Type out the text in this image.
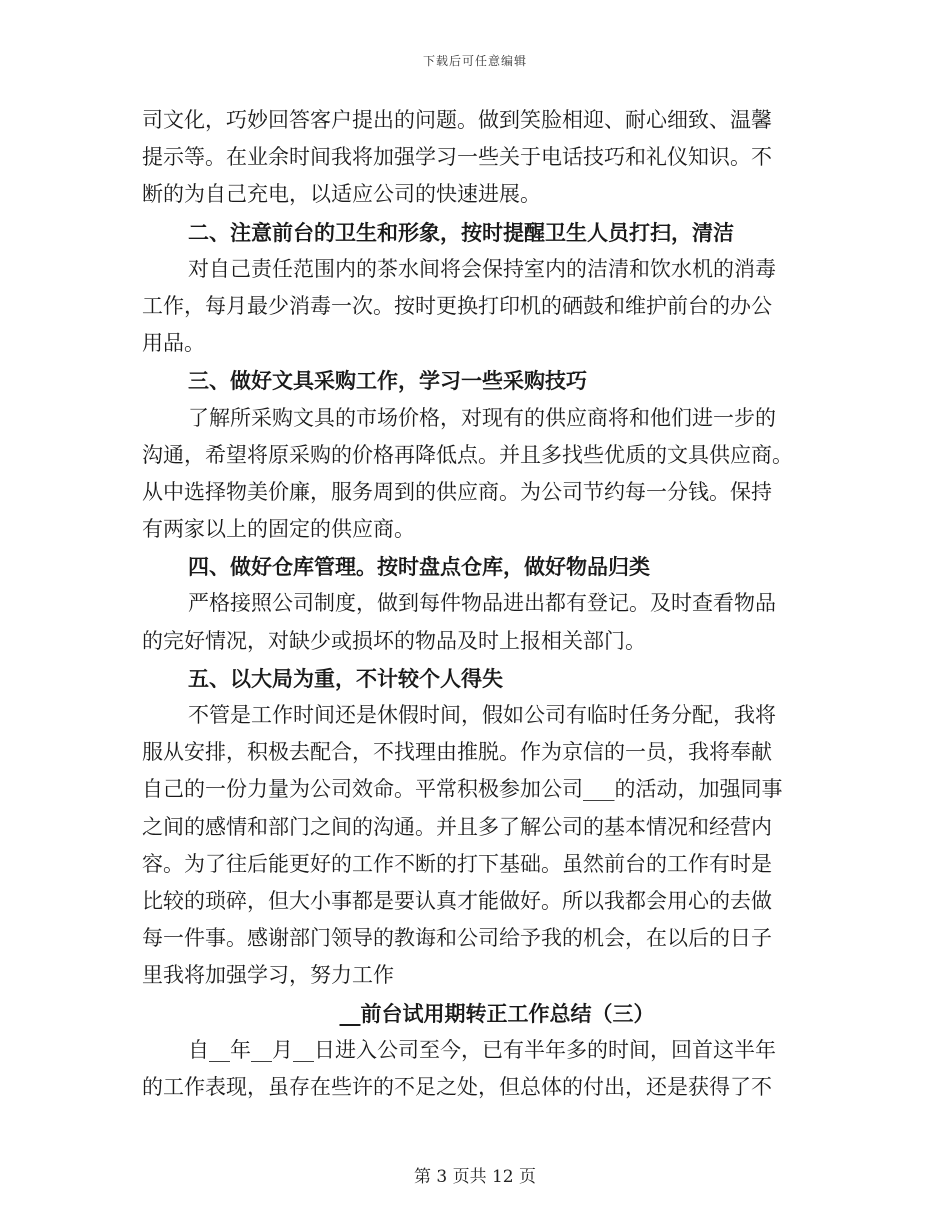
下载后可任意编辑
司文化，巧妙回答客户提出的问题。做到笑脸相迎、耐心细致、温馨
提示等。在业余时间我将加强学习一些关于电话技巧和礼仪知识。不
断的为自己充电，以适应公司的快速进展。
二、注意前台的卫生和形象，按时提醒卫生人员打扫，清洁
对自己责任范围内的茶水间将会保持室内的洁清和饮水机的消毒
工作，每月最少消毒一次。按时更换打印机的硒鼓和维护前台的办公
用品。
三、做好文具采购工作，学习一些采购技巧
了解所采购文具的市场价格，对现有的供应商将和他们进一步的
沟通，希望将原采购的价格再降低点。并且多找些优质的文具供应商。
从中选择物美价廉，服务周到的供应商。为公司节约每一分钱。保持
有两家以上的固定的供应商。
四、做好仓库管理。按时盘点仓库，做好物品归类
严格接照公司制度，做到每件物品进出都有登记。及时查看物品
的完好情况，对缺少或损坏的物品及时上报相关部门。
五、以大局为重，不计较个人得失
不管是工作时间还是休假时间，假如公司有临时任务分配，我将
服从安排，积极去配合，不找理由推脱。作为京信的一员，我将奉献
自己的一份力量为公司效命。平常积极参加公司___的活动，加强同事
之间的感情和部门之间的沟通。并且多了解公司的基本情况和经营内
容。为了往后能更好的工作不断的打下基础。虽然前台的工作有时是
比较的琐碎，但大小事都是要认真才能做好。所以我都会用心的去做
每一件事。感谢部门领导的教诲和公司给予我的机会，在以后的日子
里我将加强学习，努力工作
__前台试用期转正工作总结（三）
自__年__月__日进入公司至今，已有半年多的时间，回首这半年
的工作表现，虽存在些许的不足之处，但总体的付出，还是获得了不
第 3 页共 12 页
